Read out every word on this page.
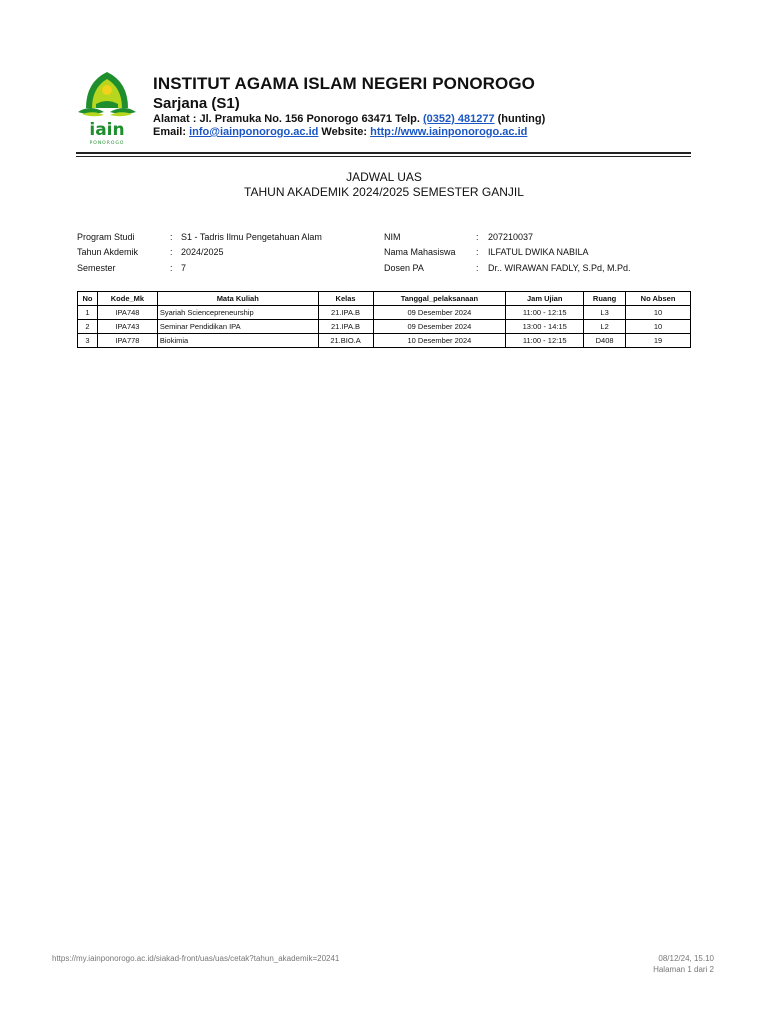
iain
PONOROGO
INSTITUT AGAMA ISLAM NEGERI PONOROGO
Sarjana (S1)
Alamat : Jl. Pramuka No. 156 Ponorogo 63471 Telp. (0352) 481277 (hunting)
Email: info@iainponorogo.ac.id Website: http://www.iainponorogo.ac.id
JADWAL UAS
TAHUN AKADEMIK 2024/2025 SEMESTER GANJIL
Program Studi	: S1 - Tadris Ilmu Pengetahuan Alam
Tahun Akdemik	: 2024/2025
Semester	: 7
NIM	: 207210037
Nama Mahasiswa : ILFATUL DWIKA NABILA
Dosen PA	: Dr.. WIRAWAN FADLY, S.Pd, M.Pd.
No	Kode_Mk	Mata Kuliah	Kelas	Tanggal_pelaksanaan	Jam Ujian	Ruang	No Absen
1	IPA748	Syariah Sciencepreneurship	21.IPA.B	09 Desember 2024	11:00 - 12:15	L3	10
2	IPA743	Seminar Pendidikan IPA	21.IPA.B	09 Desember 2024	13:00 - 14:15	L2	10
3	IPA778	Biokimia	21.BIO.A	10 Desember 2024	11:00 - 12:15	D408	19
https://my.iainponorogo.ac.id/siakad-front/uas/uas/cetak?tahun_akademik=20241	08/12/24, 15.10
Halaman 1 dari 2
